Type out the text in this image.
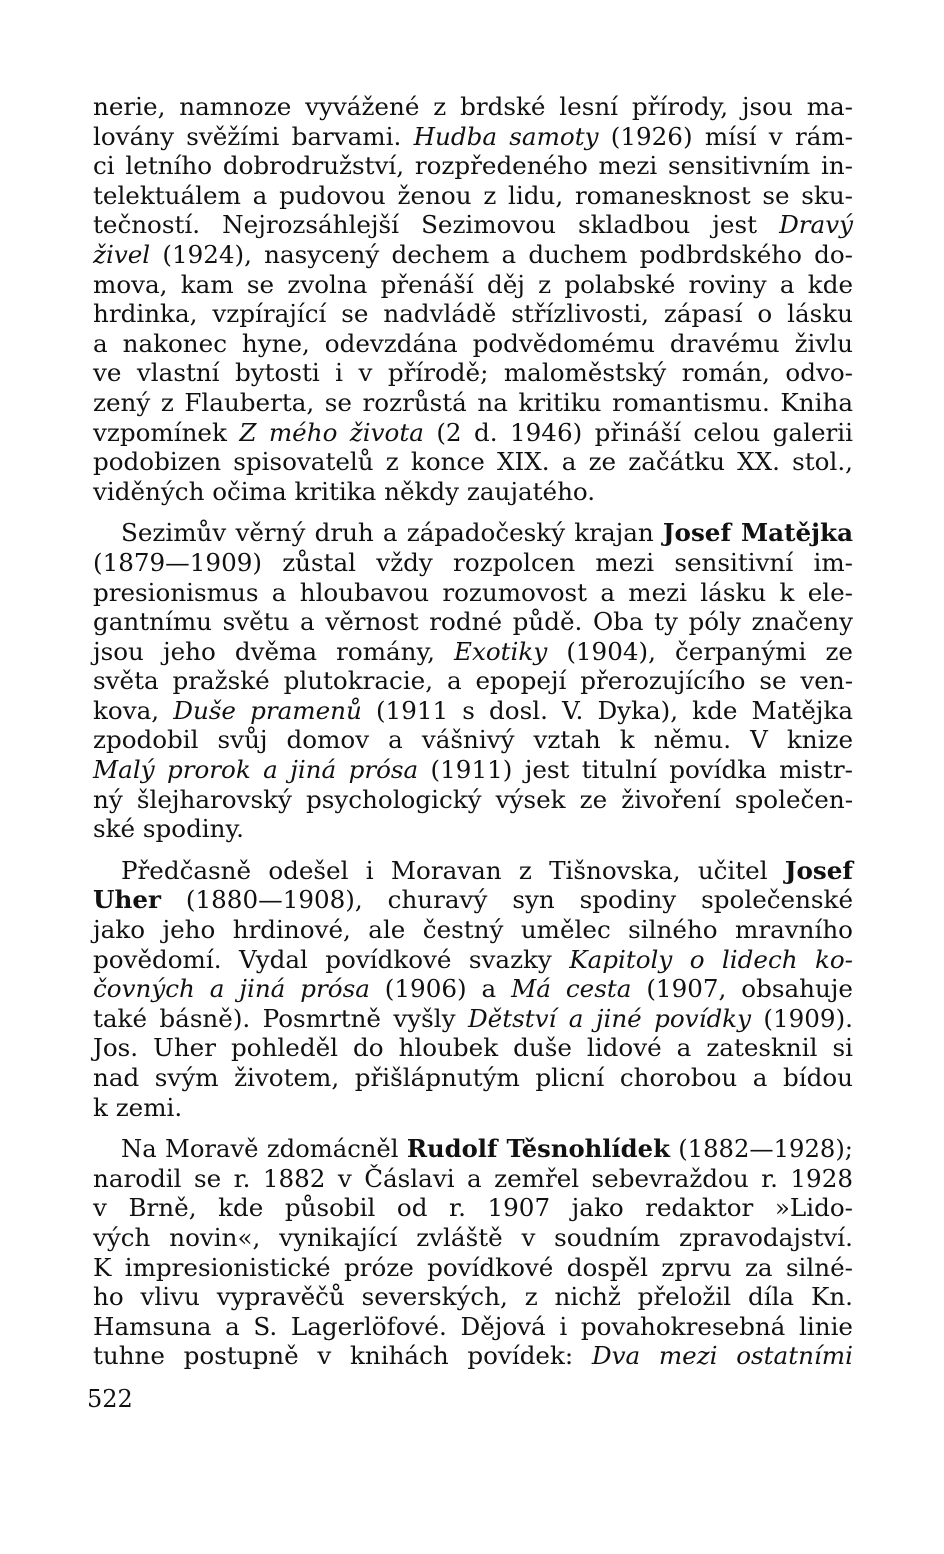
nerie, namnoze vyvážené z brdské lesní přírody, jsou ma-
lovány svěžími barvami. Hudba samoty (1926) mísí v rám-
ci letního dobrodružství, rozpředeného mezi sensitivním in-
telektuálem a pudovou ženou z lidu, romanesknost se sku-
tečností. Nejrozsáhlejší Sezimovou skladbou jest Dravý
živel (1924), nasycený dechem a duchem podbrdského do-
mova, kam se zvolna přenáší děj z polabské roviny a kde
hrdinka, vzpírající se nadvládě střízlivosti, zápasí o lásku
a nakonec hyne, odevzdána podvědomému dravému živlu
ve vlastní bytosti i v přírodě; maloměstský román, odvo-
zený z Flauberta, se rozrůstá na kritiku romantismu. Kniha
vzpomínek Z mého života (2 d. 1946) přináší celou galerii
podobizen spisovatelů z konce XIX. a ze začátku XX. stol.,
viděných očima kritika někdy zaujatého.
Sezimův věrný druh a západočeský krajan Josef Matějka
(1879—1909) zůstal vždy rozpolcen mezi sensitivní im-
presionismus a hloubavou rozumovost a mezi lásku k ele-
gantnímu světu a věrnost rodné půdě. Oba ty póly značeny
jsou jeho dvěma romány, Exotiky (1904), čerpanými ze
světa pražské plutokracie, a epopejí přerozujícího se ven-
kova, Duše pramenů (1911 s dosl. V. Dyka), kde Matějka
zpodobil svůj domov a vášnivý vztah k němu. V knize
Malý prorok a jiná prósa (1911) jest titulní povídka mistr-
ný šlejharovský psychologický výsek ze živoření společen-
ské spodiny.
Předčasně odešel i Moravan z Tišnovska, učitel Josef
Uher (1880—1908), churavý syn spodiny společenské
jako jeho hrdinové, ale čestný umělec silného mravního
povědomí. Vydal povídkové svazky Kapitoly o lidech ko-
čovných a jiná prósa (1906) a Má cesta (1907, obsahuje
také básně). Posmrtně vyšly Dětství a jiné povídky (1909).
Jos. Uher pohleděl do hloubek duše lidové a zatesknil si
nad svým životem, přišlápnutým plicní chorobou a bídou
k zemi.
Na Moravě zdomácněl Rudolf Těsnohlídek (1882—1928);
narodil se r. 1882 v Čáslavi a zemřel sebevraždou r. 1928
v Brně, kde působil od r. 1907 jako redaktor »Lido-
vých novin«, vynikající zvláště v soudním zpravodajství.
K impresionistické próze povídkové dospěl zprvu za silné-
ho vlivu vypravěčů severských, z nichž přeložil díla Kn.
Hamsuna a S. Lagerlöfové. Dějová i povahokresebná linie
tuhne postupně v knihách povídek: Dva mezi ostatními
522
